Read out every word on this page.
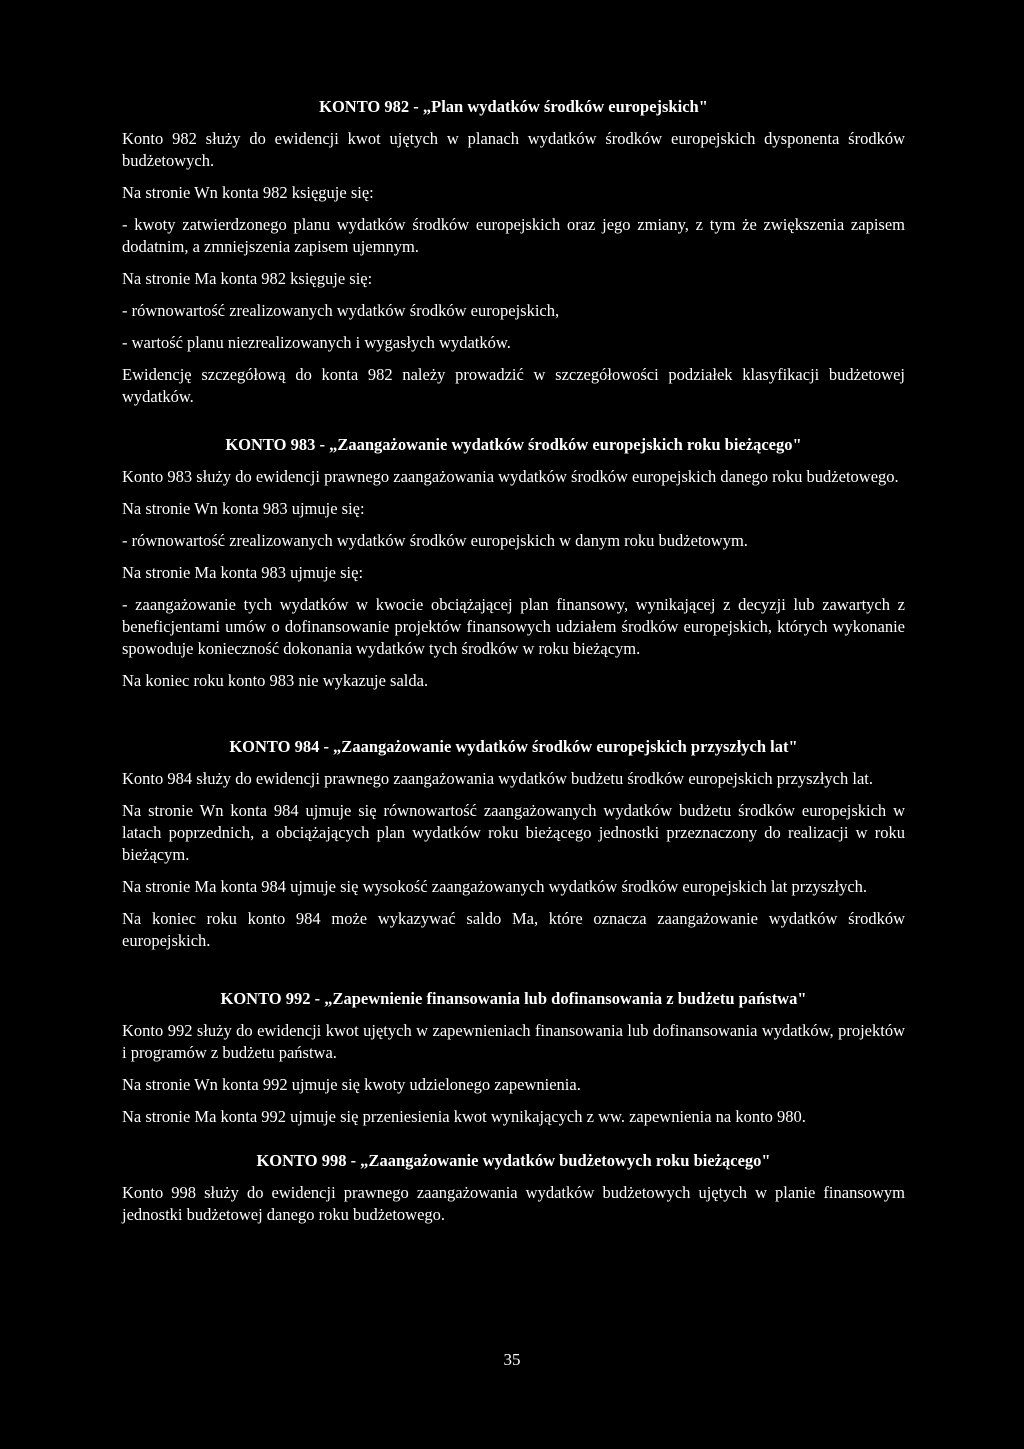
KONTO 982 - „Plan wydatków środków europejskich"

Konto 982 służy do ewidencji kwot ujętych w planach wydatków środków europejskich dysponenta środków budżetowych.

Na stronie Wn konta 982 księguje się:

- kwoty zatwierdzonego planu wydatków środków europejskich oraz jego zmiany, z tym że zwiększenia zapisem dodatnim, a zmniejszenia zapisem ujemnym.

Na stronie Ma konta 982 księguje się:

- równowartość zrealizowanych wydatków środków europejskich,

- wartość planu niezrealizowanych i wygasłych wydatków.

Ewidencję szczegółową do konta 982 należy prowadzić w szczegółowości podziałek klasyfikacji budżetowej wydatków.

KONTO 983 - „Zaangażowanie wydatków środków europejskich roku bieżącego"

Konto 983 służy do ewidencji prawnego zaangażowania wydatków środków europejskich danego roku budżetowego.

Na stronie Wn konta 983 ujmuje się:

- równowartość zrealizowanych wydatków środków europejskich w danym roku budżetowym.

Na stronie Ma konta 983 ujmuje się:

- zaangażowanie tych wydatków w kwocie obciążającej plan finansowy, wynikającej z decyzji lub zawartych z beneficjentami umów o dofinansowanie projektów finansowych udziałem środków europejskich, których wykonanie spowoduje konieczność dokonania wydatków tych środków w roku bieżącym.

Na koniec roku konto 983 nie wykazuje salda.

KONTO 984 - „Zaangażowanie wydatków środków europejskich przyszłych lat"

Konto 984 służy do ewidencji prawnego zaangażowania wydatków budżetu środków europejskich przyszłych lat.

Na stronie Wn konta 984 ujmuje się równowartość zaangażowanych wydatków budżetu środków europejskich w latach poprzednich, a obciążających plan wydatków roku bieżącego jednostki przeznaczony do realizacji w roku bieżącym.

Na stronie Ma konta 984 ujmuje się wysokość zaangażowanych wydatków środków europejskich lat przyszłych.

Na koniec roku konto 984 może wykazywać saldo Ma, które oznacza zaangażowanie wydatków środków europejskich.

KONTO 992 - „Zapewnienie finansowania lub dofinansowania z budżetu państwa"

Konto 992 służy do ewidencji kwot ujętych w zapewnieniach finansowania lub dofinansowania wydatków, projektów i programów z budżetu państwa.

Na stronie Wn konta 992 ujmuje się kwoty udzielonego zapewnienia.

Na stronie Ma konta 992 ujmuje się przeniesienia kwot wynikających z ww. zapewnienia na konto 980.

KONTO 998 - „Zaangażowanie wydatków budżetowych roku bieżącego"

Konto 998 służy do ewidencji prawnego zaangażowania wydatków budżetowych ujętych w planie finansowym jednostki budżetowej danego roku budżetowego.

35
